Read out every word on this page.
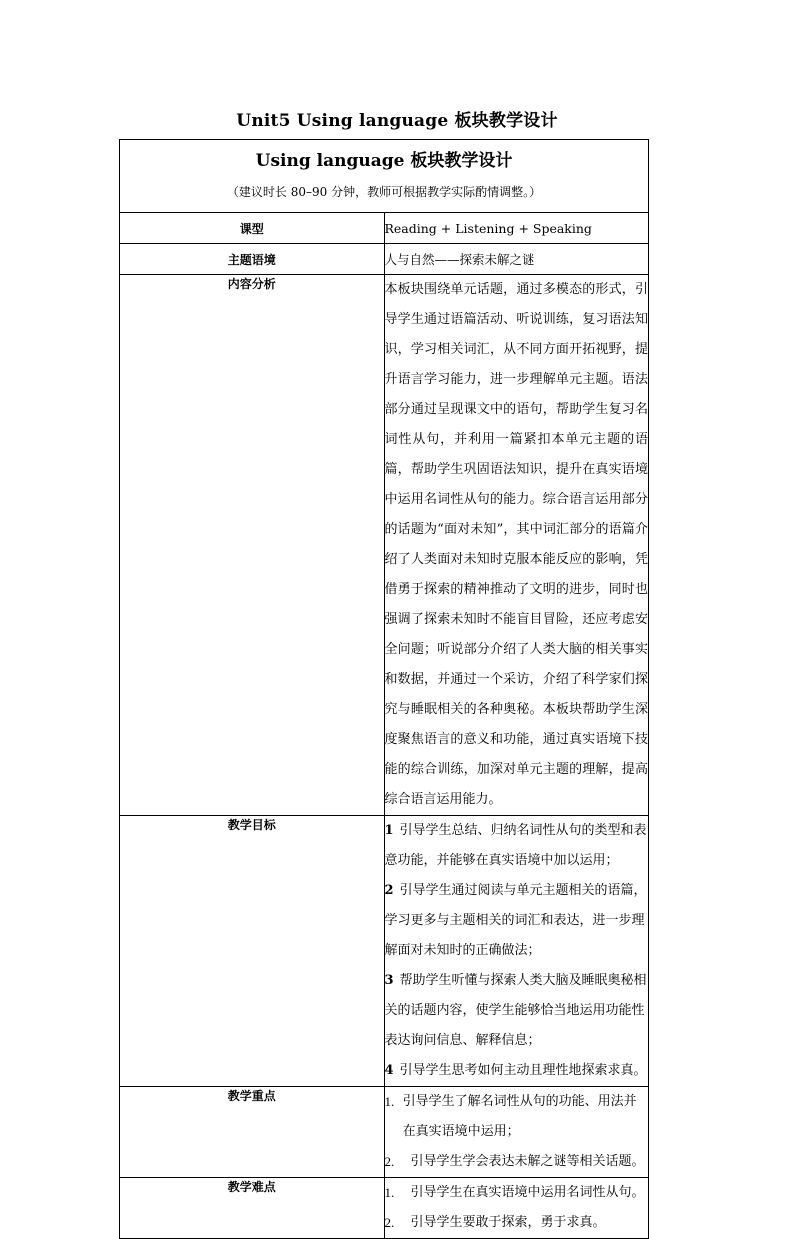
Unit5 Using language 板块教学设计
Using language 板块教学设计
（建议时长 80–90 分钟，教师可根据教学实际酌情调整。）	

课型	Reading + Listening + Speaking
主题语境	人与自然——探索未解之谜
内容分析	本板块围绕单元话题，通过多模态的形式，引导学生通过语篇活动、听说训练，复习语法知识，学习相关词汇，从不同方面开拓视野，提升语言学习能力，进一步理解单元主题。语法部分通过呈现课文中的语句，帮助学生复习名词性从句，并利用一篇紧扣本单元主题的语篇，帮助学生巩固语法知识，提升在真实语境中运用名词性从句的能力。综合语言运用部分的话题为“面对未知”，其中词汇部分的语篇介绍了人类面对未知时克服本能反应的影响，凭借勇于探索的精神推动了文明的进步，同时也强调了探索未知时不能盲目冒险，还应考虑安全问题；听说部分介绍了人类大脑的相关事实和数据，并通过一个采访，介绍了科学家们探究与睡眠相关的各种奥秘。本板块帮助学生深度聚焦语言的意义和功能，通过真实语境下技能的综合训练，加深对单元主题的理解，提高综合语言运用能力。

教学目标	1 引导学生总结、归纳名词性从句的类型和表意功能，并能够在真实语境中加以运用；

2 引导学生通过阅读与单元主题相关的语篇，学习更多与主题相关的词汇和表达，进一步理解面对未知时的正确做法；

3 帮助学生听懂与探索人类大脑及睡眠奥秘相关的话题内容，使学生能够恰当地运用功能性表达询问信息、解释信息；

4 引导学生思考如何主动且理性地探索求真。

教学重点	1. 引导学生了解名词性从句的功能、用法并在真实语境中运用；

2. 引导学生学会表达未解之谜等相关话题。

教学难点	1. 引导学生在真实语境中运用名词性从句。

2. 引导学生要敢于探索，勇于求真。
